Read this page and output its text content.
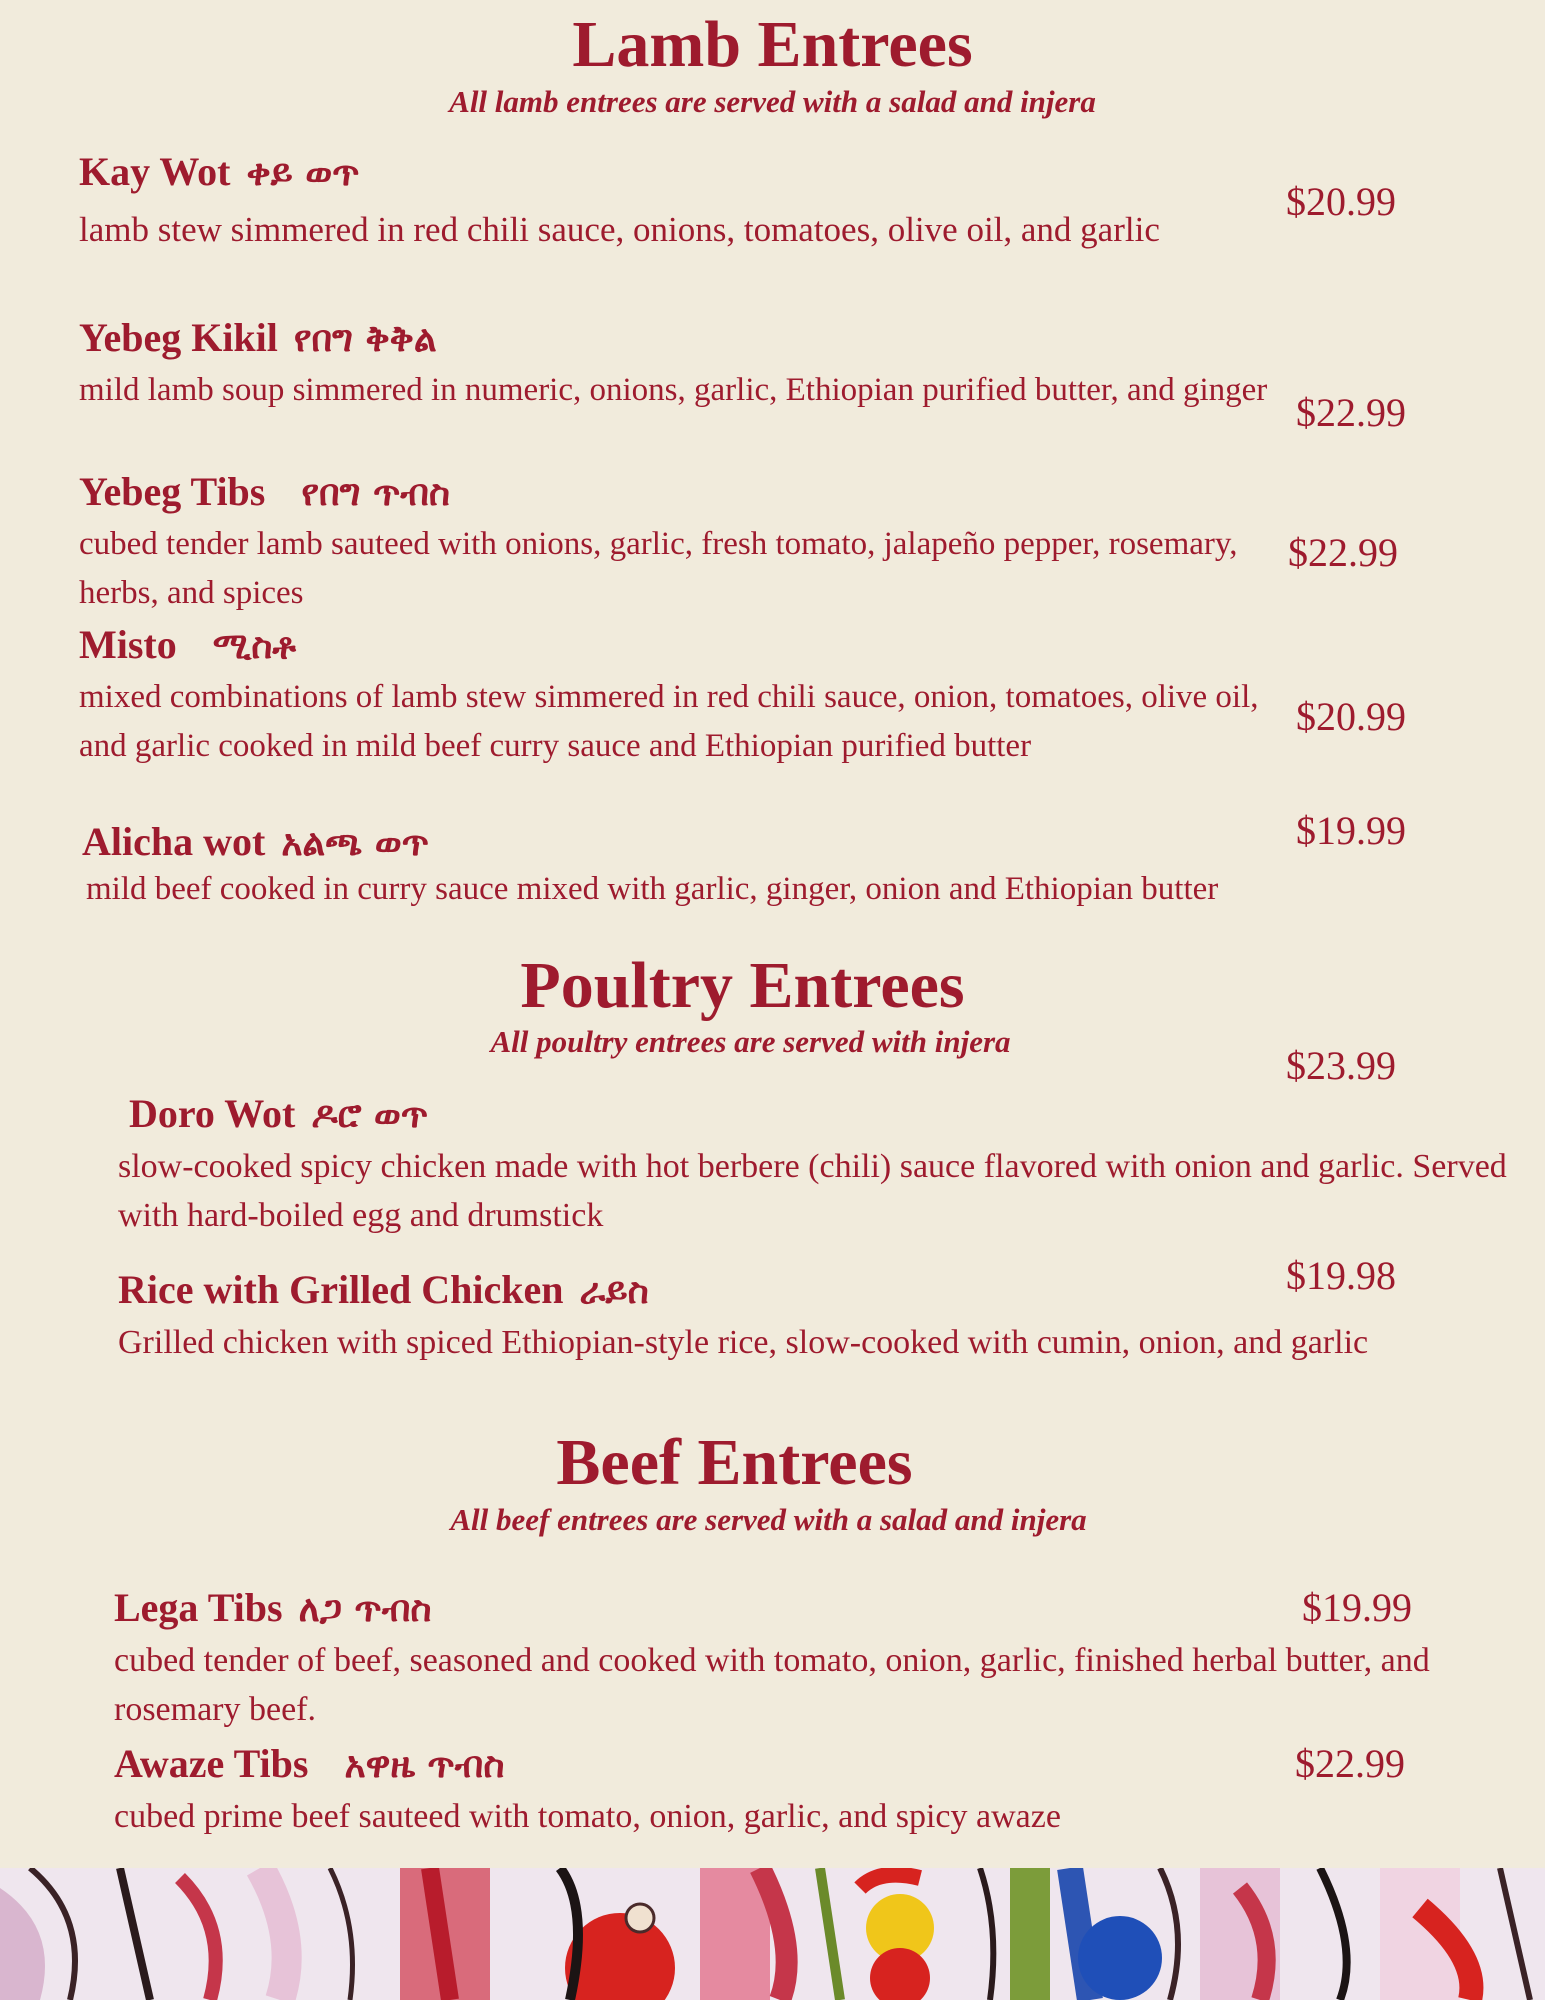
Lamb Entrees
All lamb entrees are served with a salad and injera
Kay Wot ቀይ ወጥ
lamb stew simmered in red chili sauce, onions, tomatoes, olive oil, and garlic
$20.99
Yebeg Kikil የበግ ቅቅል
mild lamb soup simmered in numeric, onions, garlic, Ethiopian purified butter, and ginger $22.99
Yebeg Tibs የበግ ጥብስ
cubed tender lamb sauteed with onions, garlic, fresh tomato, jalapeño pepper, rosemary, herbs, and spices
$22.99
Misto ሚስቶ
mixed combinations of lamb stew simmered in red chili sauce, onion, tomatoes, olive oil, and garlic cooked in mild beef curry sauce and Ethiopian purified butter
$20.99
Alicha wot አልጫ ወጥ
mild beef cooked in curry sauce mixed with garlic, ginger, onion and Ethiopian butter
$19.99
Poultry Entrees
All poultry entrees are served with injera
Doro Wot ዶሮ ወጥ
slow-cooked spicy chicken made with hot berbere (chili) sauce flavored with onion and garlic. Served with hard-boiled egg and drumstick
$23.99
Rice with Grilled Chicken ራይስ
Grilled chicken with spiced Ethiopian-style rice, slow-cooked with cumin, onion, and garlic
$19.98
Beef Entrees
All beef entrees are served with a salad and injera
Lega Tibs ለጋ ጥብስ
cubed tender of beef, seasoned and cooked with tomato, onion, garlic, finished herbal butter, and rosemary beef.
$19.99
Awaze Tibs አዋዜ ጥብስ
cubed prime beef sauteed with tomato, onion, garlic, and spicy awaze
$22.99
